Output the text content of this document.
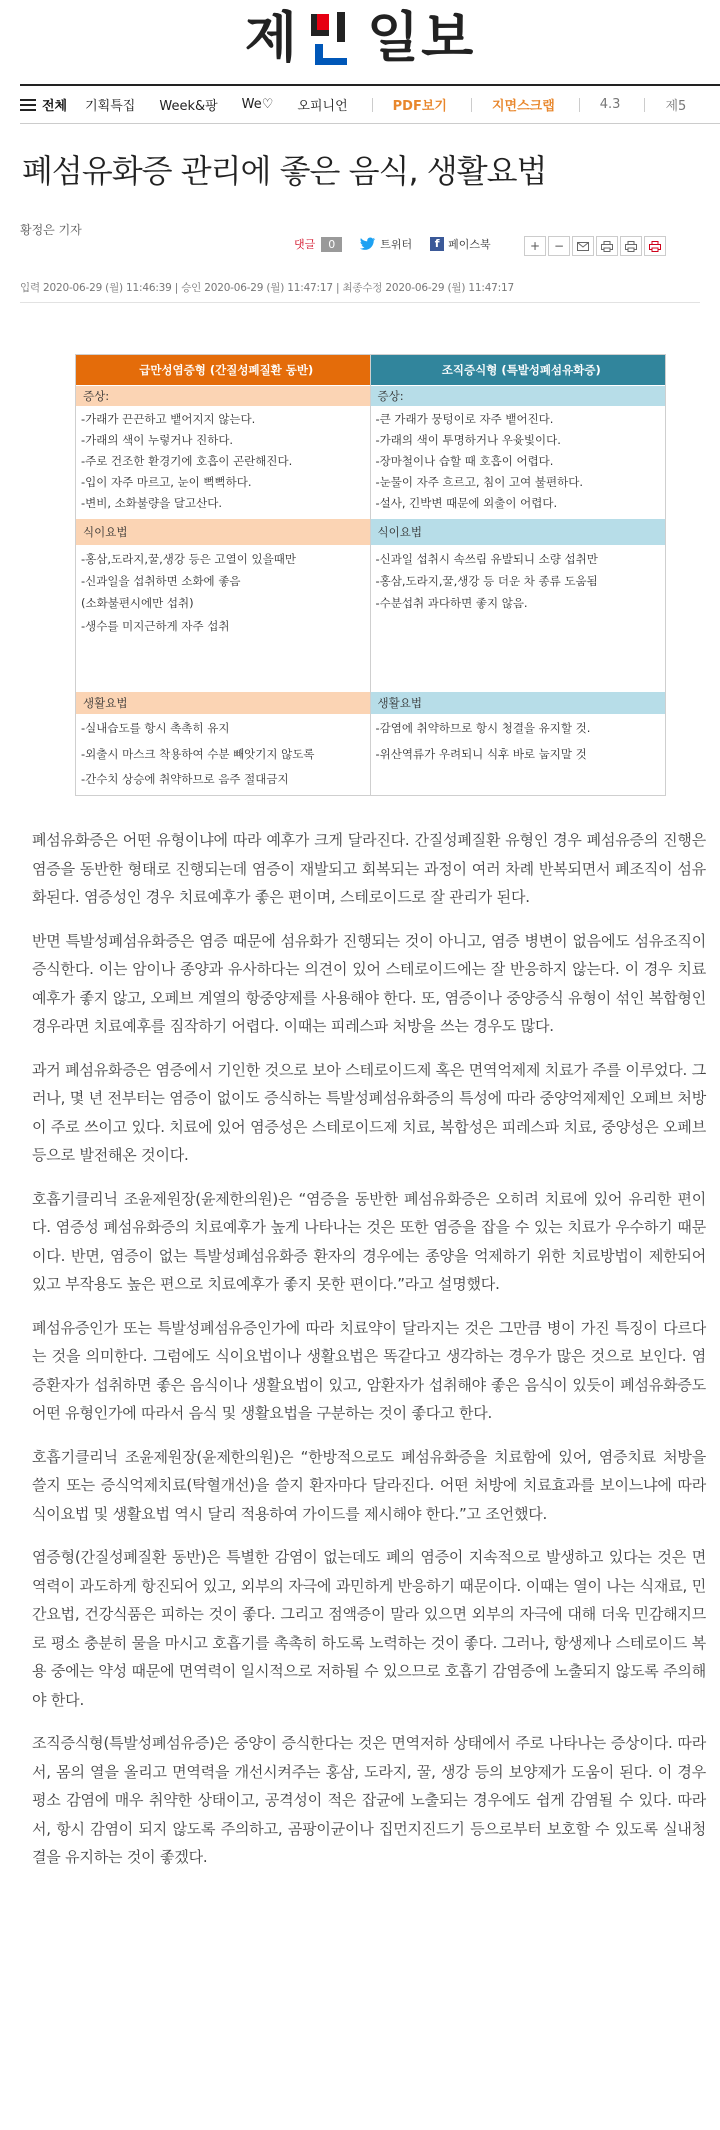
제 일보
전체 기획특집 Week&팡 We♡ 오피니언	PDF보기	지면스크랩	4.3	제5
폐섬유화증 관리에 좋은 음식, 생활요법
황정은 기자
댓글	0	트위터	f 페이스북	+	−
입력 2020-06-29 (월) 11:46:39 | 승인 2020-06-29 (월) 11:47:17 | 최종수정 2020-06-29 (월) 11:47:17
급만성염증형 (간질성폐질환 동반)	조직증식형 (특발성폐섬유화증)
증상:	증상:
-가래가 끈끈하고 뱉어지지 않는다.	-큰 가래가 뭉텅이로 자주 뱉어진다.
-가래의 색이 누렇거나 진하다.	-가래의 색이 투명하거나 우윳빛이다.
-주로 건조한 환경기에 호흡이 곤란해진다.	-장마철이나 습할 때 호흡이 어렵다.
-입이 자주 마르고, 눈이 뻑뻑하다.	-눈물이 자주 흐르고, 침이 고여 불편하다.
-변비, 소화불량을 달고산다.	-설사, 긴박변 때문에 외출이 어렵다.
식이요법	식이요법
-홍삼,도라지,꿀,생강 등은 고열이 있을때만	-신과일 섭취시 속쓰림 유발되니 소량 섭취만
-신과일을 섭취하면 소화에 좋음	-홍삼,도라지,꿀,생강 등 더운 차 종류 도움됨
(소화불편시에만 섭취)	-수분섭취 과다하면 좋지 않음.
-생수를 미지근하게 자주 섭취
생활요법	생활요법
-실내습도를 항시 촉촉히 유지	-감염에 취약하므로 항시 청결을 유지할 것.
-외출시 마스크 착용하여 수분 빼앗기지 않도록	-위산역류가 우려되니 식후 바로 눕지말 것
-간수치 상승에 취약하므로 음주 절대금지

폐섬유화증은 어떤 유형이냐에 따라 예후가 크게 달라진다. 간질성폐질환 유형인 경우 폐섬유증의 진행은 염증을 동반한 형태로 진행되는데 염증이 재발되고 회복되는 과정이 여러 차례 반복되면서 폐조직이 섬유화된다. 염증성인 경우 치료예후가 좋은 편이며, 스테로이드로 잘 관리가 된다.

반면 특발성폐섬유화증은 염증 때문에 섬유화가 진행되는 것이 아니고, 염증 병변이 없음에도 섬유조직이 증식한다. 이는 암이나 종양과 유사하다는 의견이 있어 스테로이드에는 잘 반응하지 않는다. 이 경우 치료예후가 좋지 않고, 오페브 계열의 항중양제를 사용해야 한다. 또, 염증이나 중양증식 유형이 섞인 복합형인 경우라면 치료예후를 짐작하기 어렵다. 이때는 피레스파 처방을 쓰는 경우도 많다.

과거 폐섬유화증은 염증에서 기인한 것으로 보아 스테로이드제 혹은 면역억제제 치료가 주를 이루었다. 그러나, 몇 년 전부터는 염증이 없이도 증식하는 특발성폐섬유화증의 특성에 따라 중양억제제인 오페브 처방이 주로 쓰이고 있다. 치료에 있어 염증성은 스테로이드제 치료, 복합성은 피레스파 치료, 중양성은 오페브 등으로 발전해온 것이다.

호흡기클리닉 조윤제원장(윤제한의원)은 “염증을 동반한 폐섬유화증은 오히려 치료에 있어 유리한 편이다. 염증성 폐섬유화증의 치료예후가 높게 나타나는 것은 또한 염증을 잡을 수 있는 치료가 우수하기 때문이다. 반면, 염증이 없는 특발성폐섬유화증 환자의 경우에는 종양을 억제하기 위한 치료방법이 제한되어 있고 부작용도 높은 편으로 치료예후가 좋지 못한 편이다.”라고 설명했다.

폐섬유증인가 또는 특발성폐섬유증인가에 따라 치료약이 달라지는 것은 그만큼 병이 가진 특징이 다르다는 것을 의미한다. 그럼에도 식이요법이나 생활요법은 똑같다고 생각하는 경우가 많은 것으로 보인다. 염증환자가 섭취하면 좋은 음식이나 생활요법이 있고, 암환자가 섭취해야 좋은 음식이 있듯이 폐섬유화증도 어떤 유형인가에 따라서 음식 및 생활요법을 구분하는 것이 좋다고 한다.

호흡기클리닉 조윤제원장(윤제한의원)은 “한방적으로도 폐섬유화증을 치료함에 있어, 염증치료 처방을 쓸지 또는 증식억제치료(탁혈개선)을 쓸지 환자마다 달라진다. 어떤 처방에 치료효과를 보이느냐에 따라 식이요법 및 생활요법 역시 달리 적용하여 가이드를 제시해야 한다.”고 조언했다.

염증형(간질성폐질환 동반)은 특별한 감염이 없는데도 폐의 염증이 지속적으로 발생하고 있다는 것은 면역력이 과도하게 항진되어 있고, 외부의 자극에 과민하게 반응하기 때문이다. 이때는 열이 나는 식재료, 민간요법, 건강식품은 피하는 것이 좋다. 그리고 점액증이 말라 있으면 외부의 자극에 대해 더욱 민감해지므로 평소 충분히 물을 마시고 호흡기를 촉촉히 하도록 노력하는 것이 좋다. 그러나, 항생제나 스테로이드 복용 중에는 약성 때문에 면역력이 일시적으로 저하될 수 있으므로 호흡기 감염증에 노출되지 않도록 주의해야 한다.

조직증식형(특발성폐섬유증)은 중양이 증식한다는 것은 면역저하 상태에서 주로 나타나는 증상이다. 따라서, 몸의 열을 올리고 면역력을 개선시켜주는 홍삼, 도라지, 꿀, 생강 등의 보양제가 도움이 된다. 이 경우 평소 감염에 매우 취약한 상태이고, 공격성이 적은 잡균에 노출되는 경우에도 쉽게 감염될 수 있다. 따라서, 항시 감염이 되지 않도록 주의하고, 곰팡이균이나 집먼지진드기 등으로부터 보호할 수 있도록 실내청결을 유지하는 것이 좋겠다.
